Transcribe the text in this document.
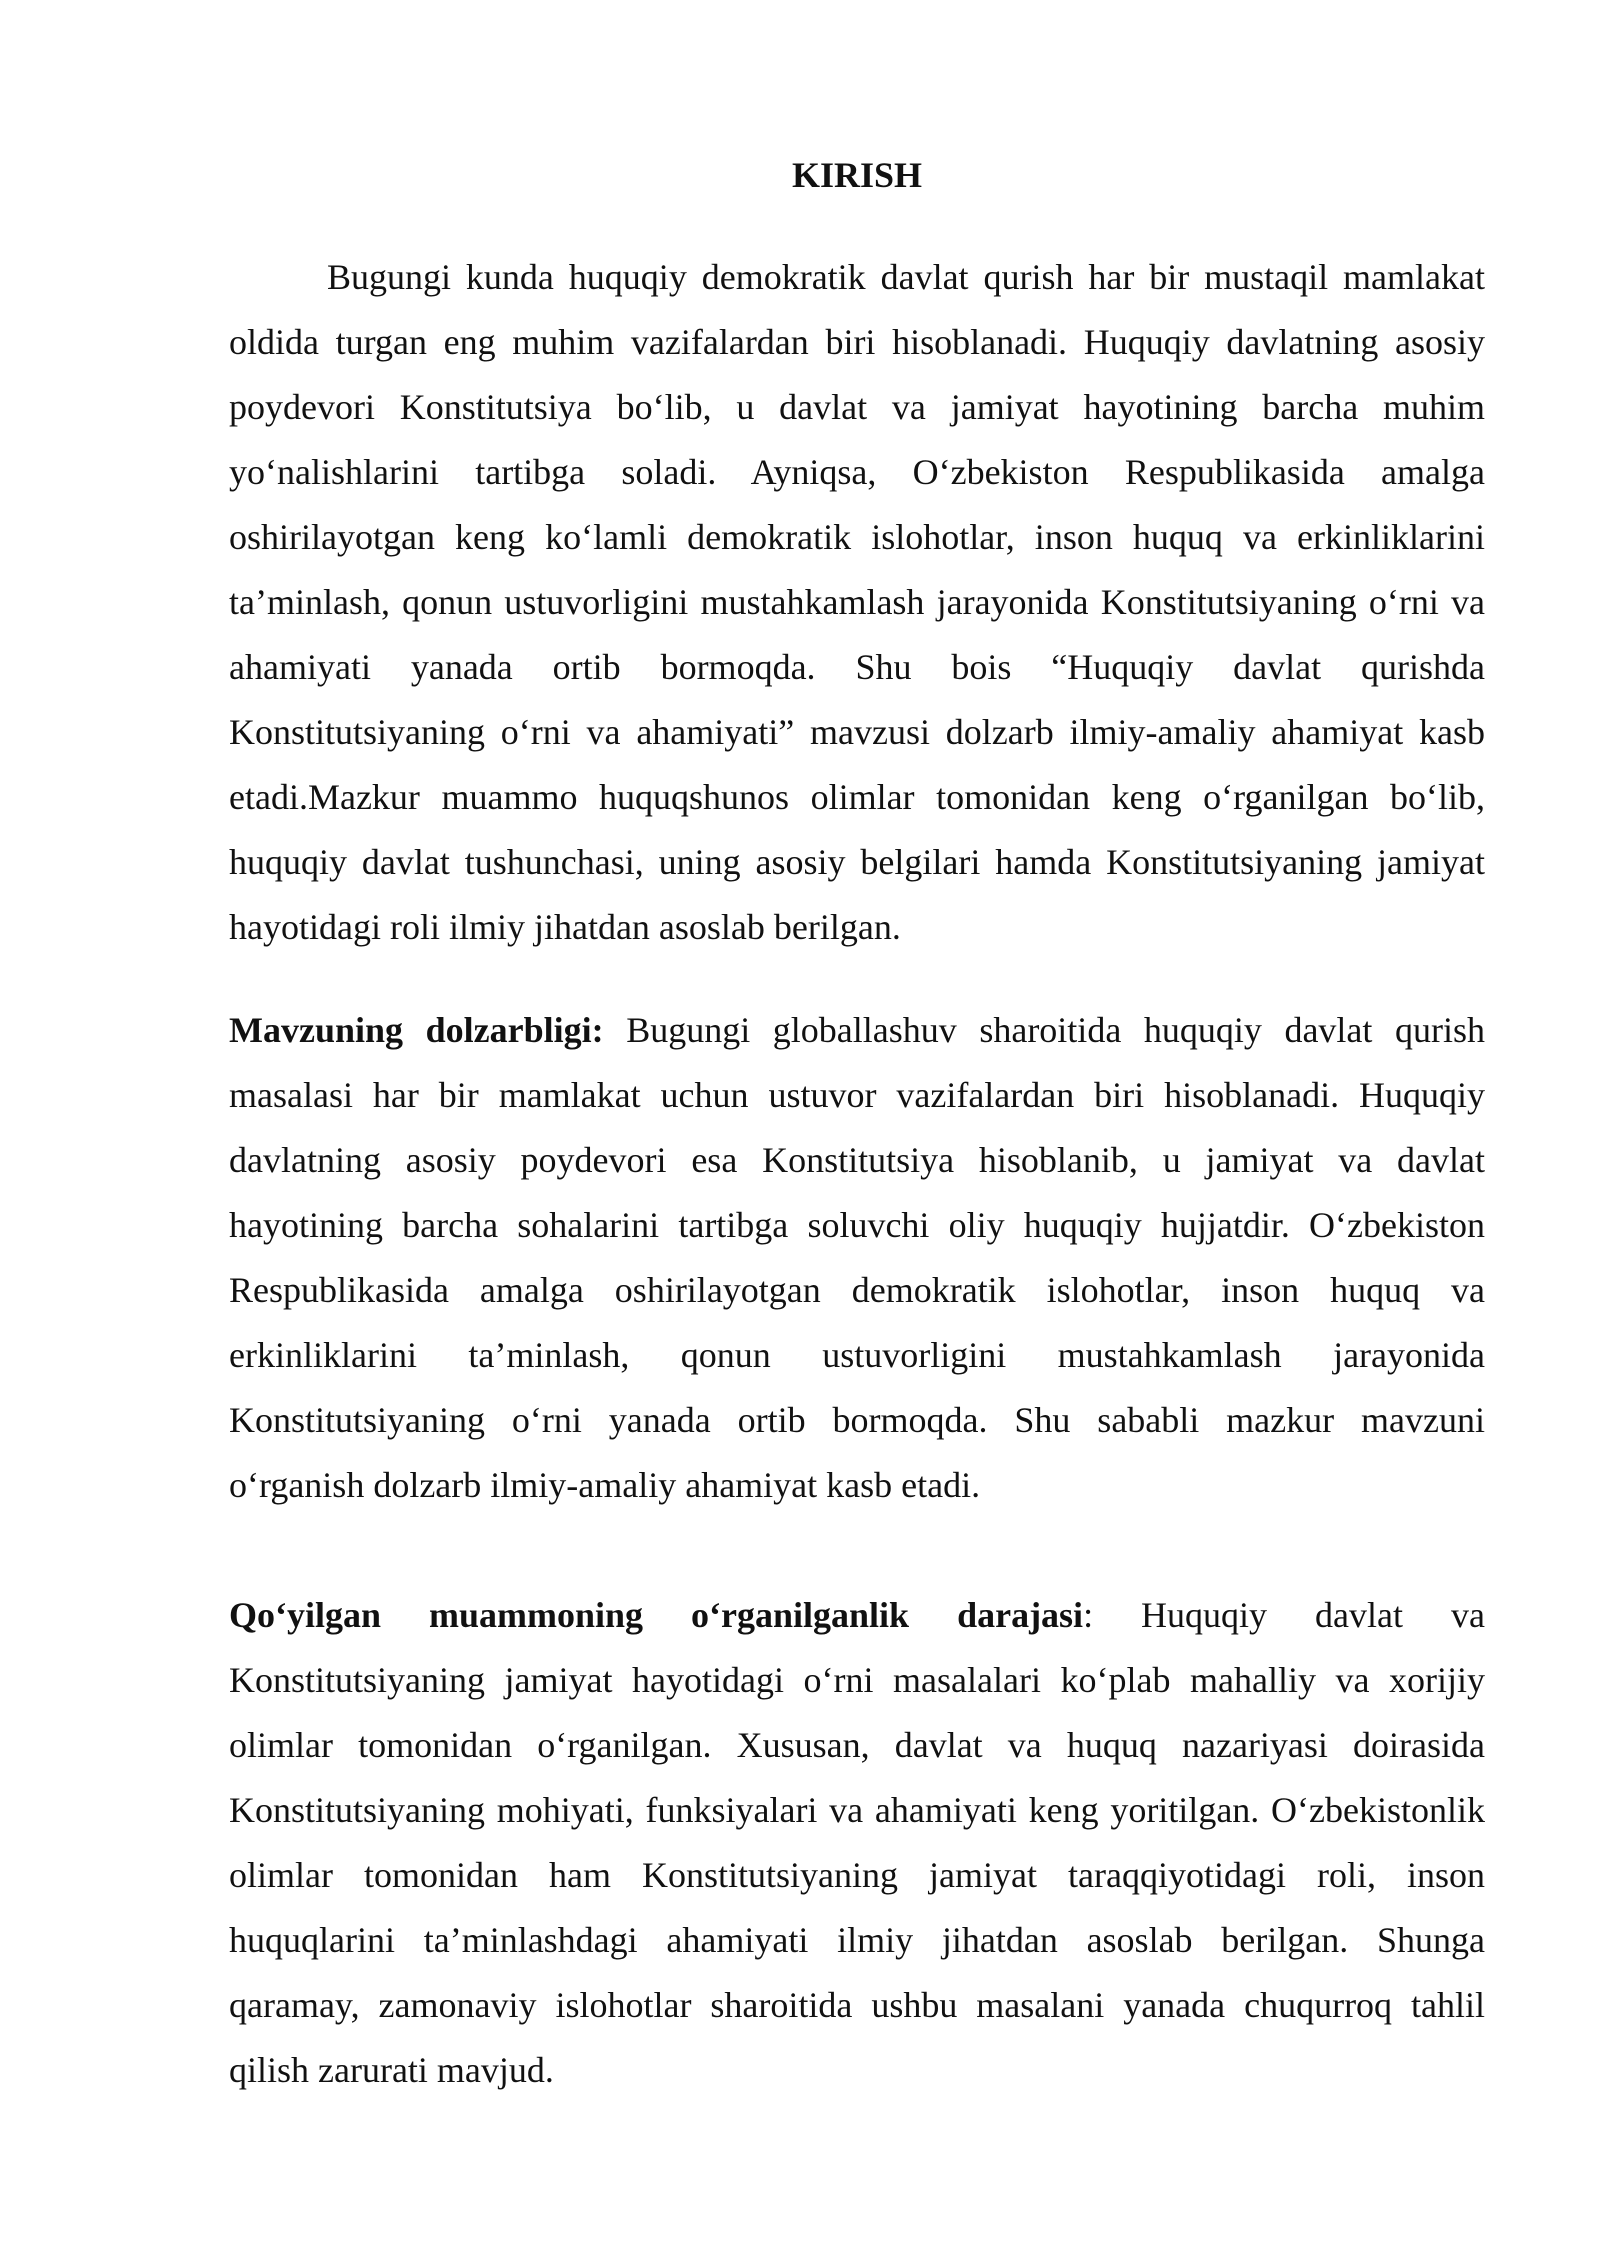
KIRISH

Bugungi kunda huquqiy demokratik davlat qurish har bir mustaqil mamlakat oldida turgan eng muhim vazifalardan biri hisoblanadi. Huquqiy davlatning asosiy poydevori Konstitutsiya bo‘lib, u davlat va jamiyat hayotining barcha muhim yo‘nalishlarini tartibga soladi. Ayniqsa, O‘zbekiston Respublikasida amalga oshirilayotgan keng ko‘lamli demokratik islohotlar, inson huquq va erkinliklarini ta’minlash, qonun ustuvorligini mustahkamlash jarayonida Konstitutsiyaning o‘rni va ahamiyati yanada ortib bormoqda. Shu bois “Huquqiy davlat qurishda Konstitutsiyaning o‘rni va ahamiyati” mavzusi dolzarb ilmiy-amaliy ahamiyat kasb etadi.Mazkur muammo huquqshunos olimlar tomonidan keng o‘rganilgan bo‘lib, huquqiy davlat tushunchasi, uning asosiy belgilari hamda Konstitutsiyaning jamiyat hayotidagi roli ilmiy jihatdan asoslab berilgan.

Mavzuning dolzarbligi: Bugungi globallashuv sharoitida huquqiy davlat qurish masalasi har bir mamlakat uchun ustuvor vazifalardan biri hisoblanadi. Huquqiy davlatning asosiy poydevori esa Konstitutsiya hisoblanib, u jamiyat va davlat hayotining barcha sohalarini tartibga soluvchi oliy huquqiy hujjatdir. O‘zbekiston Respublikasida amalga oshirilayotgan demokratik islohotlar, inson huquq va erkinliklarini ta’minlash, qonun ustuvorligini mustahkamlash jarayonida Konstitutsiyaning o‘rni yanada ortib bormoqda. Shu sababli mazkur mavzuni o‘rganish dolzarb ilmiy-amaliy ahamiyat kasb etadi.

Qo‘yilgan muammoning o‘rganilganlik darajasi: Huquqiy davlat va Konstitutsiyaning jamiyat hayotidagi o‘rni masalalari ko‘plab mahalliy va xorijiy olimlar tomonidan o‘rganilgan. Xususan, davlat va huquq nazariyasi doirasida Konstitutsiyaning mohiyati, funksiyalari va ahamiyati keng yoritilgan. O‘zbekistonlik olimlar tomonidan ham Konstitutsiyaning jamiyat taraqqiyotidagi roli, inson huquqlarini ta’minlashdagi ahamiyati ilmiy jihatdan asoslab berilgan. Shunga qaramay, zamonaviy islohotlar sharoitida ushbu masalani yanada chuqurroq tahlil qilish zarurati mavjud.
